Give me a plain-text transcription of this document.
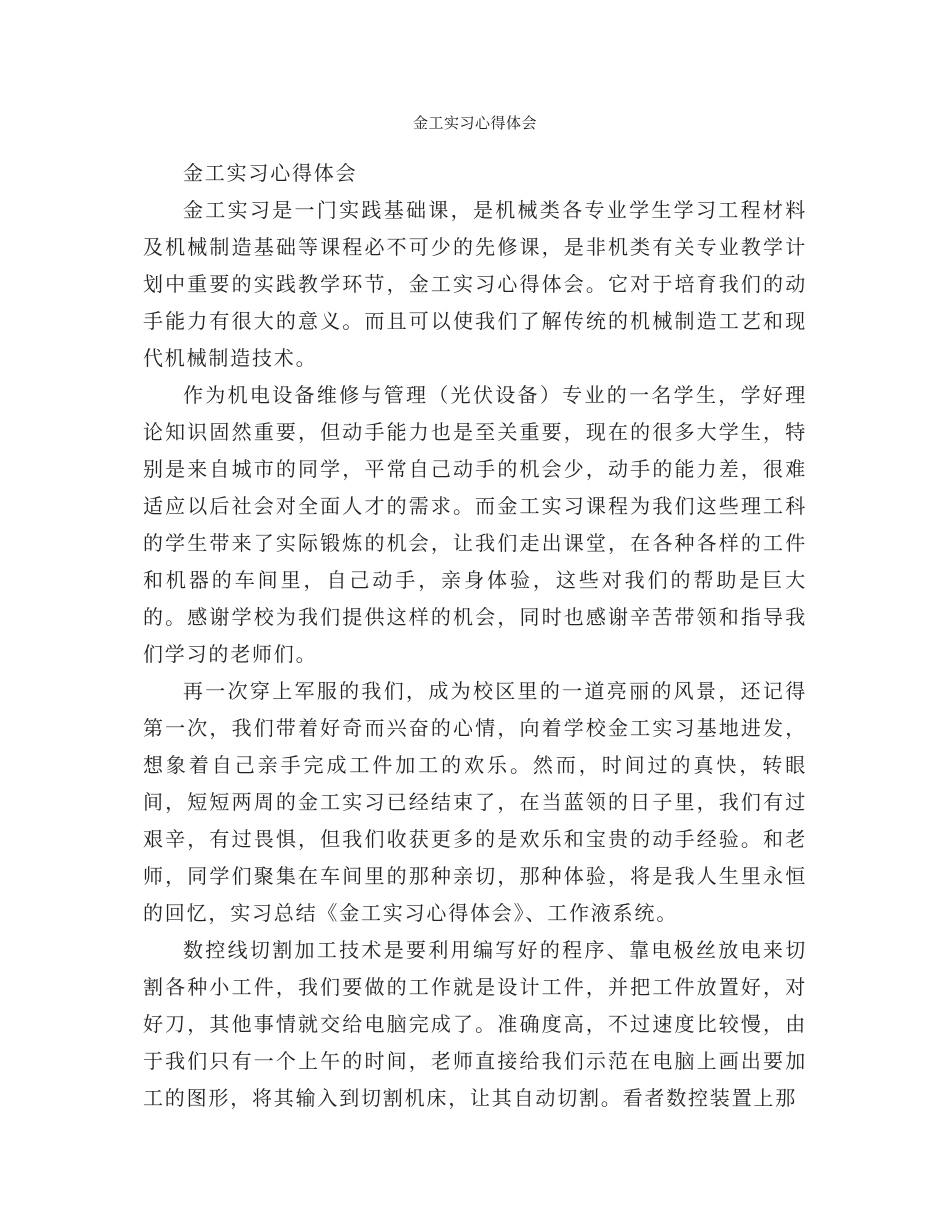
金工实习心得体会

金工实习心得体会

金工实习是一门实践基础课，是机械类各专业学生学习工程材料及机械制造基础等课程必不可少的先修课，是非机类有关专业教学计划中重要的实践教学环节，金工实习心得体会。它对于培育我们的动手能力有很大的意义。而且可以使我们了解传统的机械制造工艺和现代机械制造技术。

作为机电设备维修与管理（光伏设备）专业的一名学生，学好理论知识固然重要，但动手能力也是至关重要，现在的很多大学生，特别是来自城市的同学，平常自己动手的机会少，动手的能力差，很难适应以后社会对全面人才的需求。而金工实习课程为我们这些理工科的学生带来了实际锻炼的机会，让我们走出课堂，在各种各样的工件和机器的车间里，自己动手，亲身体验，这些对我们的帮助是巨大的。感谢学校为我们提供这样的机会，同时也感谢辛苦带领和指导我们学习的老师们。

再一次穿上军服的我们，成为校区里的一道亮丽的风景，还记得第一次，我们带着好奇而兴奋的心情，向着学校金工实习基地进发，想象着自己亲手完成工件加工的欢乐。然而，时间过的真快，转眼间，短短两周的金工实习已经结束了，在当蓝领的日子里，我们有过艰辛，有过畏惧，但我们收获更多的是欢乐和宝贵的动手经验。和老师，同学们聚集在车间里的那种亲切，那种体验，将是我人生里永恒的回忆，实习总结《金工实习心得体会》、工作液系统。

数控线切割加工技术是要利用编写好的程序、靠电极丝放电来切割各种小工件，我们要做的工作就是设计工件，并把工件放置好，对好刀，其他事情就交给电脑完成了。准确度高，不过速度比较慢，由于我们只有一个上午的时间，老师直接给我们示范在电脑上画出要加工的图形，将其输入到切割机床，让其自动切割。看者数控装置上那
